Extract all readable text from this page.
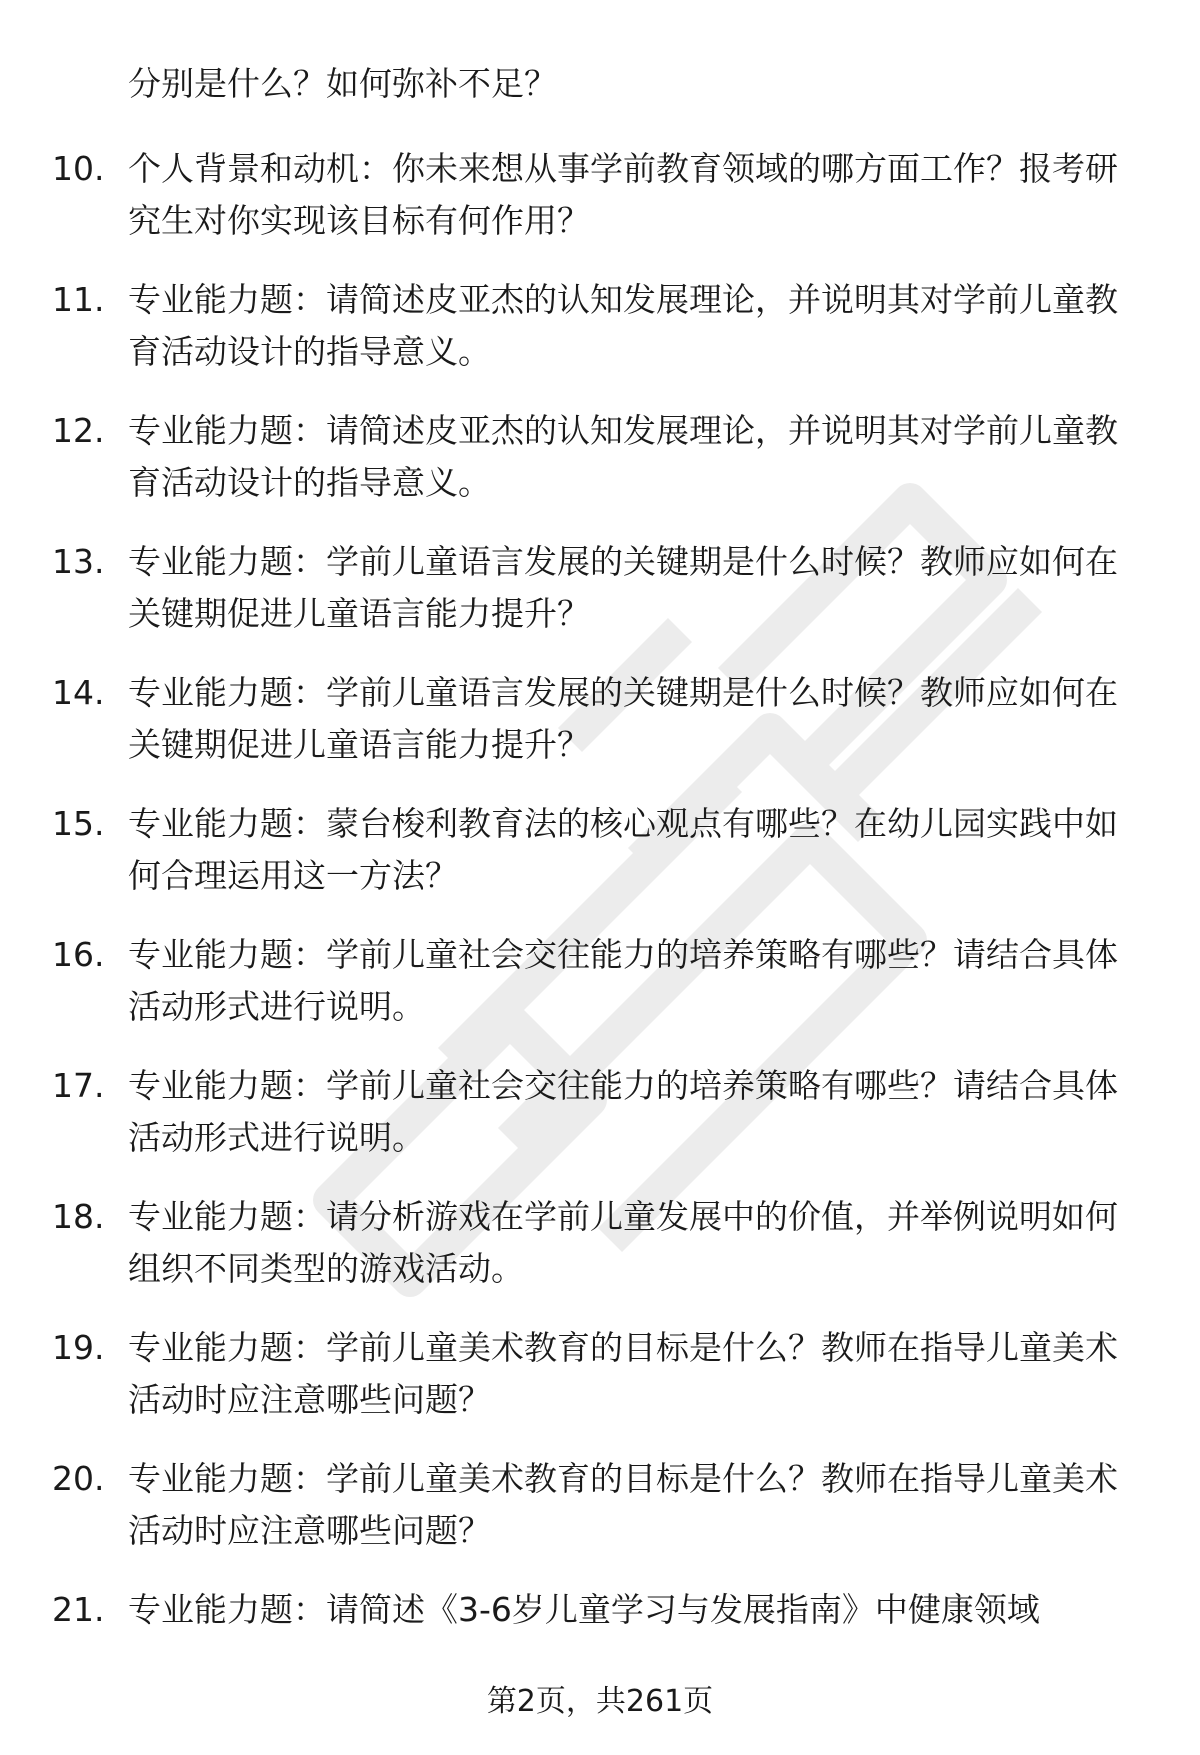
分别是什么？如何弥补不足？

10. 个人背景和动机：你未来想从事学前教育领域的哪方面工作？报考研究生对你实现该目标有何作用？
11. 专业能力题：请简述皮亚杰的认知发展理论，并说明其对学前儿童教育活动设计的指导意义。
12. 专业能力题：请简述皮亚杰的认知发展理论，并说明其对学前儿童教育活动设计的指导意义。
13. 专业能力题：学前儿童语言发展的关键期是什么时候？教师应如何在关键期促进儿童语言能力提升？
14. 专业能力题：学前儿童语言发展的关键期是什么时候？教师应如何在关键期促进儿童语言能力提升？
15. 专业能力题：蒙台梭利教育法的核心观点有哪些？在幼儿园实践中如何合理运用这一方法？
16. 专业能力题：学前儿童社会交往能力的培养策略有哪些？请结合具体活动形式进行说明。
17. 专业能力题：学前儿童社会交往能力的培养策略有哪些？请结合具体活动形式进行说明。
18. 专业能力题：请分析游戏在学前儿童发展中的价值，并举例说明如何组织不同类型的游戏活动。
19. 专业能力题：学前儿童美术教育的目标是什么？教师在指导儿童美术活动时应注意哪些问题？
20. 专业能力题：学前儿童美术教育的目标是什么？教师在指导儿童美术活动时应注意哪些问题？
21. 专业能力题：请简述《3-6岁儿童学习与发展指南》中健康领域
第2页，共261页
